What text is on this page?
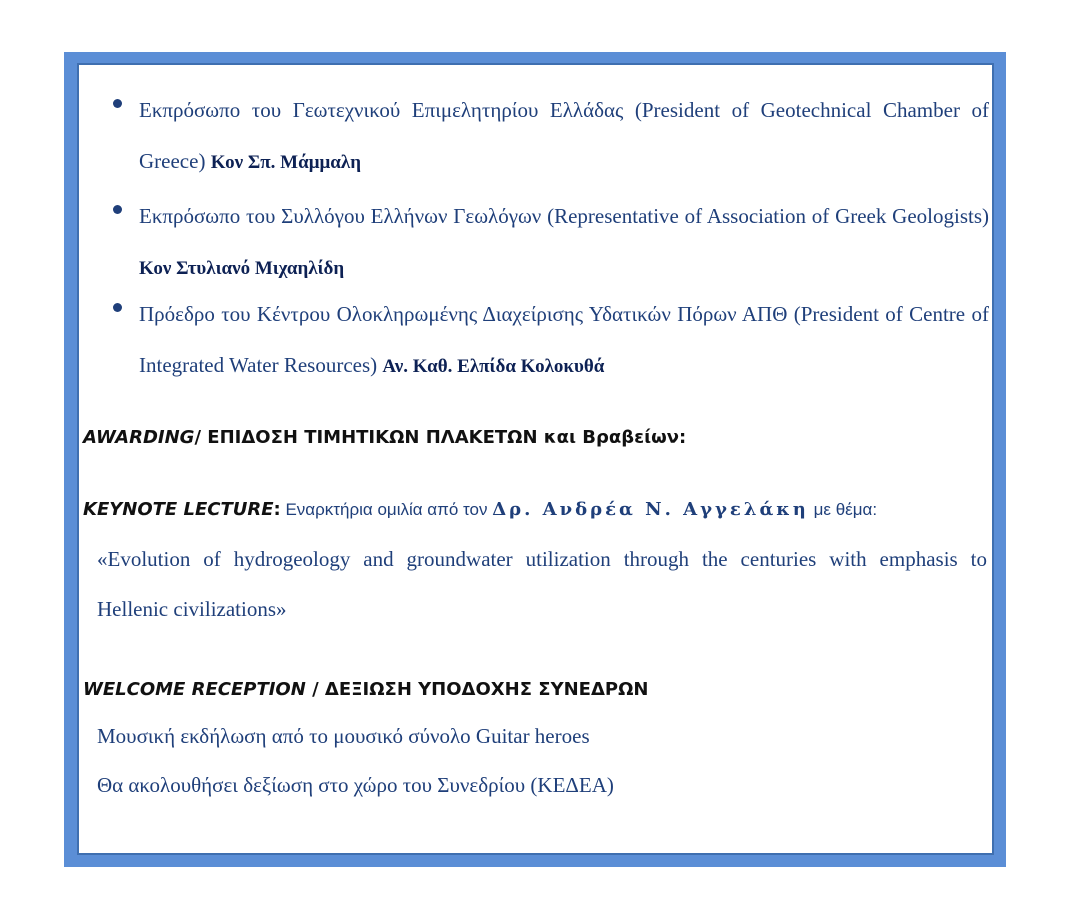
Εκπρόσωπο του Γεωτεχνικού Επιμελητηρίου Ελλάδας (President of Geotechnical Chamber of
Greece) Κον Σπ. Μάμμαλη
Εκπρόσωπο του Συλλόγου Ελλήνων Γεωλόγων (Representative of Association of Greek Geologists)
Κον Στυλιανό Μιχαηλίδη
Πρόεδρο του Κέντρου Ολοκληρωμένης Διαχείρισης Υδατικών Πόρων ΑΠΘ (President of Centre of
Integrated Water Resources) Αν. Καθ. Ελπίδα Κολοκυθά
AWARDING/ ΕΠΙΔΟΣΗ ΤΙΜΗΤΙΚΩΝ ΠΛΑΚΕΤΩΝ και Βραβείων:
KEYNOTE LECTURE: Εναρκτήρια ομιλία από τον Δρ. Ανδρέα Ν. Αγγελάκη με θέμα:
«Evolution of hydrogeology and groundwater utilization through the centuries with emphasis to
Hellenic civilizations»
WELCOME RECEPTION / ΔΕΞΙΩΣΗ ΥΠΟΔΟΧΗΣ ΣΥΝΕΔΡΩΝ
Μουσική εκδήλωση από το μουσικό σύνολο Guitar heroes
Θα ακολουθήσει δεξίωση στο χώρο του Συνεδρίου (ΚΕΔΕΑ)
